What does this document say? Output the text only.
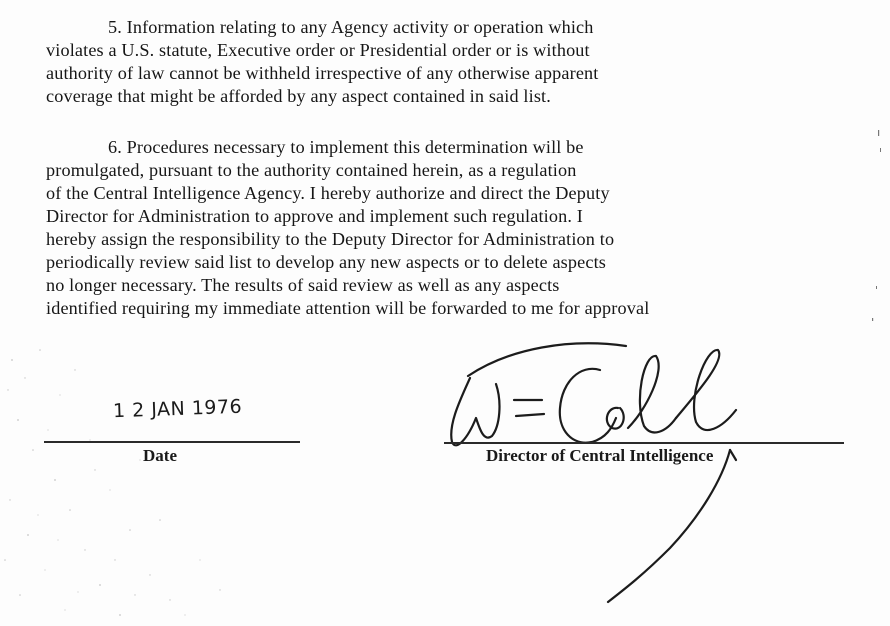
5. Information relating to any Agency activity or operation which
violates a U.S. statute, Executive order or Presidential order or is without
authority of law cannot be withheld irrespective of any otherwise apparent
coverage that might be afforded by any aspect contained in said list.

6. Procedures necessary to implement this determination will be
promulgated, pursuant to the authority contained herein, as a regulation
of the Central Intelligence Agency. I hereby authorize and direct the Deputy
Director for Administration to approve and implement such regulation. I
hereby assign the responsibility to the Deputy Director for Administration to
periodically review said list to develop any new aspects or to delete aspects
no longer necessary. The results of said review as well as any aspects
identified requiring my immediate attention will be forwarded to me for approval

1 2 JAN 1976
Date	Director of Central Intelligence
